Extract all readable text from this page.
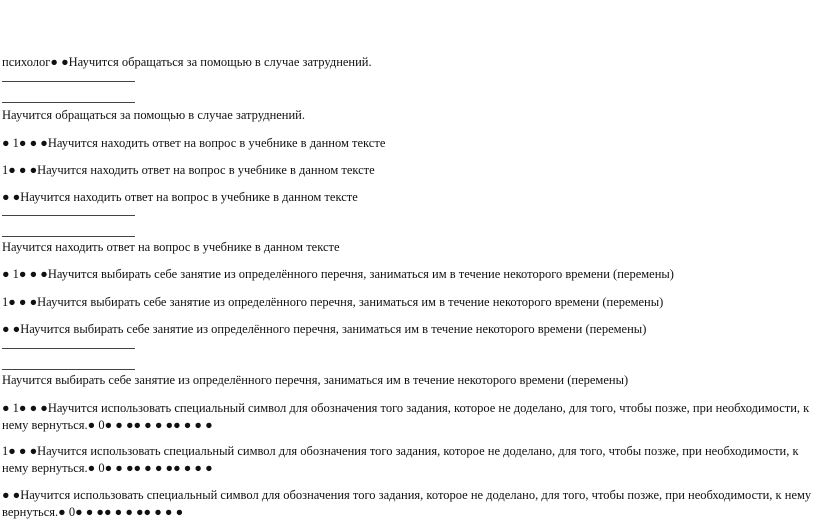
психолог● ●Научится обращаться за помощью в случае затруднений.
Научится обращаться за помощью в случае затруднений.
● 1● ● ●Научится находить ответ на вопрос в учебнике в данном тексте
1● ● ●Научится находить ответ на вопрос в учебнике в данном тексте
● ●Научится находить ответ на вопрос в учебнике в данном тексте
Научится находить ответ на вопрос в учебнике в данном тексте
● 1● ● ●Научится выбирать себе занятие из определённого перечня, заниматься им в течение некоторого времени (перемены)
1● ● ●Научится выбирать себе занятие из определённого перечня, заниматься им в течение некоторого времени (перемены)
● ●Научится выбирать себе занятие из определённого перечня, заниматься им в течение некоторого времени (перемены)
Научится выбирать себе занятие из определённого перечня, заниматься им в течение некоторого времени (перемены)
● 1● ● ●Научится использовать специальный символ для обозначения того задания, которое не доделано, для того, чтобы позже, при необходимости, к нему вернуться.● 0● ● ●● ● ● ●● ● ● ●
1● ● ●Научится использовать специальный символ для обозначения того задания, которое не доделано, для того, чтобы позже, при необходимости, к нему вернуться.● 0● ● ●● ● ● ●● ● ● ●
● ●Научится использовать специальный символ для обозначения того задания, которое не доделано, для того, чтобы позже, при необходимости, к нему вернуться.● 0● ● ●● ● ● ●● ● ● ●
